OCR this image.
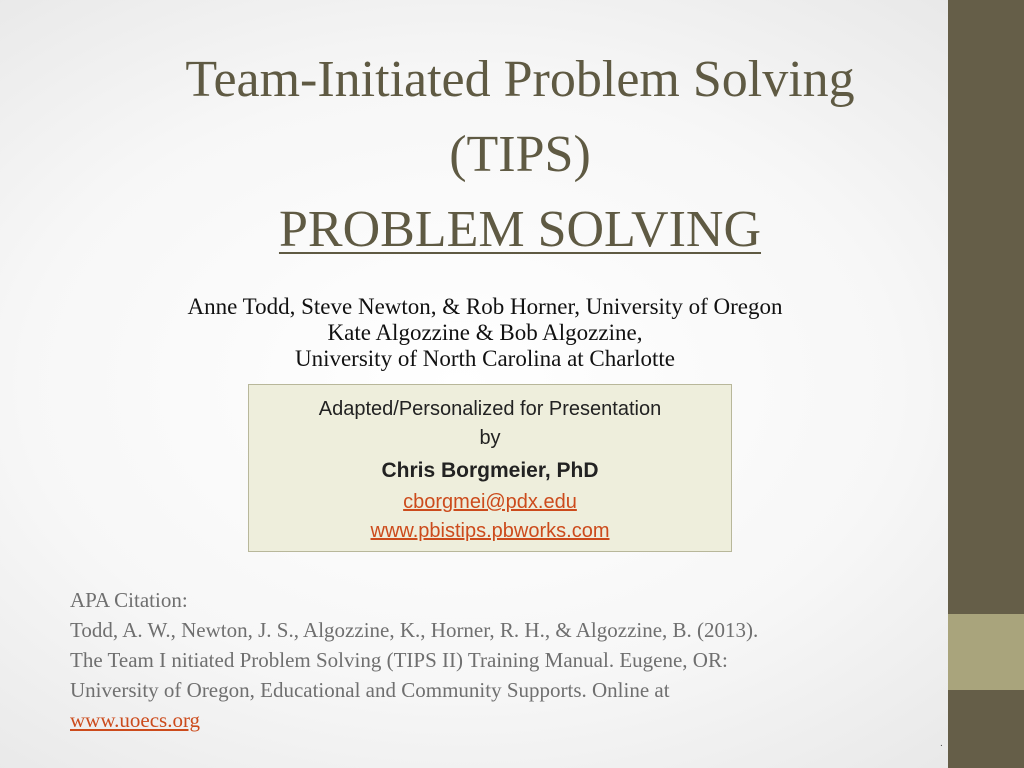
Team-Initiated Problem Solving
(TIPS)
PROBLEM SOLVING
Anne Todd, Steve Newton, & Rob Horner, University of Oregon
Kate Algozzine & Bob Algozzine,
University of North Carolina at Charlotte
Adapted/Personalized for Presentation
by
Chris Borgmeier, PhD
cborgmei@pdx.edu
www.pbistips.pbworks.com
APA Citation:
Todd, A. W., Newton, J. S., Algozzine, K., Horner, R. H., & Algozzine, B. (2013).
The Team I nitiated Problem Solving (TIPS II) Training Manual. Eugene, OR:
University of Oregon, Educational and Community Supports. Online at
www.uoecs.org
.
